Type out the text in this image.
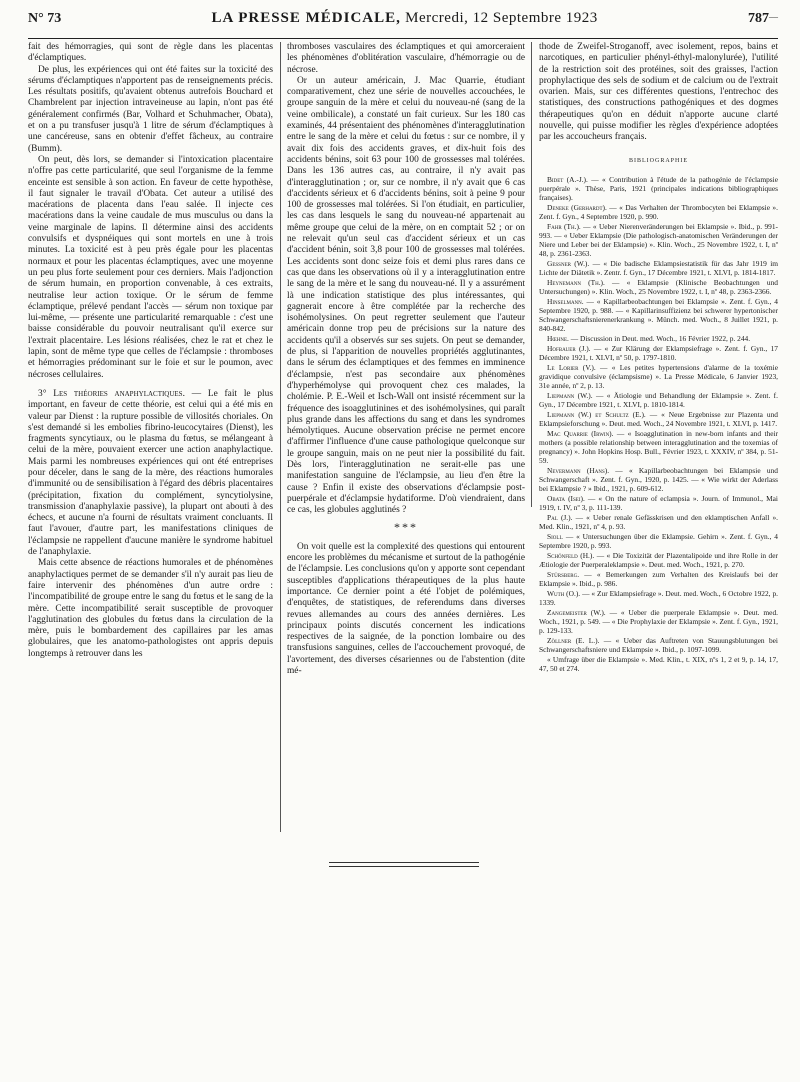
N° 73	LA PRESSE MÉDICALE, Mercredi, 12 Septembre 1923	787___

fait des hémorragies, qui sont de règle dans les placentas d'éclamptiques.

De plus, les expériences qui ont été faites sur la toxicité des sérums d'éclamptiques n'apportent pas de renseignements précis. Les résultats positifs, qu'avaient obtenus autrefois Bouchard et Chambrelent par injection intraveineuse au lapin, n'ont pas été généralement confirmés (Bar, Volhard et Schuhmacher, Obata), et on a pu transfuser jusqu'à 1 litre de sérum d'éclamptiques à une cancéreuse, sans en obtenir d'effet fâcheux, au contraire (Bumm).

On peut, dès lors, se demander si l'intoxication placentaire n'offre pas cette particularité, que seul l'organisme de la femme enceinte est sensible à son action. En faveur de cette hypothèse, il faut signaler le travail d'Obata. Cet auteur a utilisé des macérations de placenta dans l'eau salée. Il injecte ces macérations dans la veine caudale de mus musculus ou dans la veine marginale de lapins. Il détermine ainsi des accidents convulsifs et dyspnéiques qui sont mortels en une à trois minutes. La toxicité est à peu près égale pour les placentas normaux et pour les placentas éclamptiques, avec une moyenne un peu plus forte seulement pour ces derniers. Mais l'adjonction de sérum humain, en proportion convenable, à ces extraits, neutralise leur action toxique. Or le sérum de femme éclamptique, prélevé pendant l'accès — sérum non toxique par lui-même, — présente une particularité remarquable : c'est une baisse considérable du pouvoir neutralisant qu'il exerce sur l'extrait placentaire. Les lésions réalisées, chez le rat et chez le lapin, sont de même type que celles de l'éclampsie : thromboses et hémorragies prédominant sur le foie et sur le poumon, avec nécroses cellulaires.

3° Les théories anaphylactiques. — Le fait le plus important, en faveur de cette théorie, est celui qui a été mis en valeur par Dienst : la rupture possible de villosités choriales. On s'est demandé si les embolies fibrino-leucocytaires (Dienst), les fragments syncytiaux, ou le plasma du fœtus, se mélangeant à celui de la mère, pouvaient exercer une action anaphylactique. Mais parmi les nombreuses expériences qui ont été entreprises pour déceler, dans le sang de la mère, des réactions humorales d'immunité ou de sensibilisation à l'égard des débris placentaires (précipitation, fixation du complément, syncytiolysine, transmission d'anaphylaxie passive), la plupart ont abouti à des échecs, et aucune n'a fourni de résultats vraiment concluants. Il faut l'avouer, d'autre part, les manifestations cliniques de l'éclampsie ne rappellent d'aucune manière le syndrome habituel de l'anaphylaxie.

Mais cette absence de réactions humorales et de phénomènes anaphylactiques permet de se demander s'il n'y aurait pas lieu de faire intervenir des phénomènes d'un autre ordre : l'incompatibilité de groupe entre le sang du fœtus et le sang de la mère. Cette incompatibilité serait susceptible de provoquer l'agglutination des globules du fœtus dans la circulation de la mère, puis le bombardement des capillaires par les amas globulaires, que les anatomo-pathologistes ont appris depuis longtemps à retrouver dans les

thromboses vasculaires des éclamptiques et qui amorceraient les phénomènes d'oblitération vasculaire, d'hémorragie ou de nécrose.

Or un auteur américain, J. Mac Quarrie, étudiant comparativement, chez une série de nouvelles accouchées, le groupe sanguin de la mère et celui du nouveau-né (sang de la veine ombilicale), a constaté un fait curieux. Sur les 180 cas examinés, 44 présentaient des phénomènes d'interagglutination entre le sang de la mère et celui du fœtus : sur ce nombre, il y avait dix fois des accidents graves, et dix-huit fois des accidents bénins, soit 63 pour 100 de grossesses mal tolérées. Dans les 136 autres cas, au contraire, il n'y avait pas d'interagglutination ; or, sur ce nombre, il n'y avait que 6 cas d'accidents sérieux et 6 d'accidents bénins, soit à peine 9 pour 100 de grossesses mal tolérées. Si l'on étudiait, en particulier, les cas dans lesquels le sang du nouveau-né appartenait au même groupe que celui de la mère, on en comptait 52 ; or on ne relevait qu'un seul cas d'accident sérieux et un cas d'accident bénin, soit 3,8 pour 100 de grossesses mal tolérées. Les accidents sont donc seize fois et demi plus rares dans ce cas que dans les observations où il y a interagglutination entre le sang de la mère et le sang du nouveau-né. Il y a assurément là une indication statistique des plus intéressantes, qui gagnerait encore à être complétée par la recherche des isohémolysines. On peut regretter seulement que l'auteur américain donne trop peu de précisions sur la nature des accidents qu'il a observés sur ses sujets. On peut se demander, de plus, si l'apparition de nouvelles propriétés agglutinantes, dans le sérum des éclamptiques et des femmes en imminence d'éclampsie, n'est pas secondaire aux phénomènes d'hyperhémolyse qui provoquent chez ces malades, la cholémie. P. E.-Weil et Isch-Wall ont insisté récemment sur la fréquence des isoagglutinines et des isohémolysines, qui paraît plus grande dans les affections du sang et dans les syndromes hémolytiques. Aucune observation précise ne permet encore d'affirmer l'influence d'une cause pathologique quelconque sur le groupe sanguin, mais on ne peut nier la possibilité du fait. Dès lors, l'interagglutination ne serait-elle pas une manifestation sanguine de l'éclampsie, au lieu d'en être la cause ? Enfin il existe des observations d'éclampsie post-puerpérale et d'éclampsie hydatiforme. D'où viendraient, dans ce cas, les globules agglutinés ?

***

On voit quelle est la complexité des questions qui entourent encore les problèmes du mécanisme et surtout de la pathogénie de l'éclampsie. Les conclusions qu'on y apporte sont cependant susceptibles d'applications thérapeutiques de la plus haute importance. Ce dernier point a été l'objet de polémiques, d'enquêtes, de statistiques, de referendums dans diverses revues allemandes au cours des années dernières. Les principaux points discutés concernent les indications respectives de la saignée, de la ponction lombaire ou des transfusions sanguines, celles de l'accouchement provoqué, de l'avortement, des diverses césariennes ou de l'abstention (dite mé-

thode de Zweifel-Stroganoff, avec isolement, repos, bains et narcotiques, en particulier phényl-éthyl-malonylurée), l'utilité de la restriction soit des protéines, soit des graisses, l'action prophylactique des sels de sodium et de calcium ou de l'extrait ovarien. Mais, sur ces différentes questions, l'entrechoc des statistiques, des constructions pathogéniques et des dogmes thérapeutiques qu'on en déduit n'apporte aucune clarté nouvelle, qui puisse modifier les règles d'expérience adoptées par les accoucheurs français.

BIBLIOGRAPHIE

Bidet (A.-J.). — « Contribution à l'étude de la pathogénie de l'éclampsie puerpérale ». Thèse, Paris, 1921 (principales indications bibliographiques françaises).

Deneke (Gerhardt). — « Das Verhalten der Thrombocyten bei Eklampsie ». Zent. f. Gyn., 4 Septembre 1920, p. 990.

Fahr (Th.). — « Ueber Nierenveränderungen bei Eklampsie ». Ibid., p. 991-993. — « Ueber Eklampsie (Die pathologisch-anatomischen Veränderungen der Niere und Leber bei der Eklampsie) ». Klin. Woch., 25 Novembre 1922, t. I, nº 48, p. 2361-2363.

Gessner (W.). — « Die badische Eklampsiestatistik für das Jahr 1919 im Lichte der Diätetik ». Zentr. f. Gyn., 17 Décembre 1921, t. XLVI, p. 1814-1817.

Heynemann (Th.). — « Eklampsie (Klinische Beobachtungen und Untersuchungen) ». Klin. Woch., 25 Novembre 1922, t. I, nº 48, p. 2363-2366.

Hinselmann. — « Kapillarbeobachtungen bei Eklampsie ». Zent. f. Gyn., 4 Septembre 1920, p. 988. — « Kapillarinsuffizienz bei schwerer hypertonischer Schwangerschaftsnierenerkrankung ». Münch. med. Woch., 8 Juillet 1921, p. 840-842.

Hœhne. — Discussion in Deut. med. Woch., 16 Février 1922, p. 244.

Hofbauer (J.). — « Zur Klärung der Eklampsiefrage ». Zent. f. Gyn., 17 Décembre 1921, t. XLVI, nº 50, p. 1797-1810.

Le Lorier (V.). — « Les petites hypertensions d'alarme de la toxémie gravidique convulsive (éclampsisme) ». La Presse Médicale, 6 Janvier 1923, 31e année, nº 2, p. 13.

Liepmann (W.). — « Ätiologie und Behandlung der Eklampsie ». Zent. f. Gyn., 17 Décembre 1921, t. XLVI, p. 1810-1814.

Liepmann (W.) et Schultz (E.). — « Neue Ergebnisse zur Plazenta und Eklampsieforschung ». Deut. med. Woch., 24 Novembre 1921, t. XLVI, p. 1417.

Mac Quarrie (Irwin). — « Isoagglutination in new-born infants and their mothers (a possible relationship between interagglutination and the toxemias of pregnancy) ». John Hopkins Hosp. Bull., Février 1923, t. XXXIV, nº 384, p. 51-59.

Nevermann (Hans). — « Kapillarbeobachtungen bei Eklampsie und Schwangerschaft ». Zent. f. Gyn., 1920, p. 1425. — « Wie wirkt der Aderlass bei Eklampsie ? » Ibid., 1921, p. 609-612.

Obata (Isei). — « On the nature of eclampsia ». Journ. of Immunol., Mai 1919, t. IV, nº 3, p. 111-139.

Pal (J.). — « Ueber renale Gefässkrisen und den eklamptischen Anfall ». Med. Klin., 1921, nº 4, p. 93.

Sioli. — « Untersuchungen über die Eklampsie. Gehirn ». Zent. f. Gyn., 4 Septembre 1920, p. 993.

Schönfeld (H.). — « Die Toxizität der Plazentalipoide und ihre Rolle in der Ætiologie der Puerperaleklampsie ». Deut. med. Woch., 1921, p. 270.

Stürsberg. — « Bemerkungen zum Verhalten des Kreislaufs bei der Eklampsie ». Ibid., p. 986.

Wuth (O.). — « Zur Eklampsiefrage ». Deut. med. Woch., 6 Octobre 1922, p. 1339.

Zangemeister (W.). — « Ueber die puerperale Eklampsie ». Deut. med. Woch., 1921, p. 549. — « Die Prophylaxie der Eklampsie ». Zent. f. Gyn., 1921, p. 129-133.

Zöllner (E. L.). — « Ueber das Auftreten von Stauungsblutungen bei Schwangerschaftsniere und Eklampsie ». Ibid., p. 1097-1099.

« Umfrage über die Eklampsie ». Med. Klin., t. XIX, nºs 1, 2 et 9, p. 14, 17, 47, 50 et 274.
